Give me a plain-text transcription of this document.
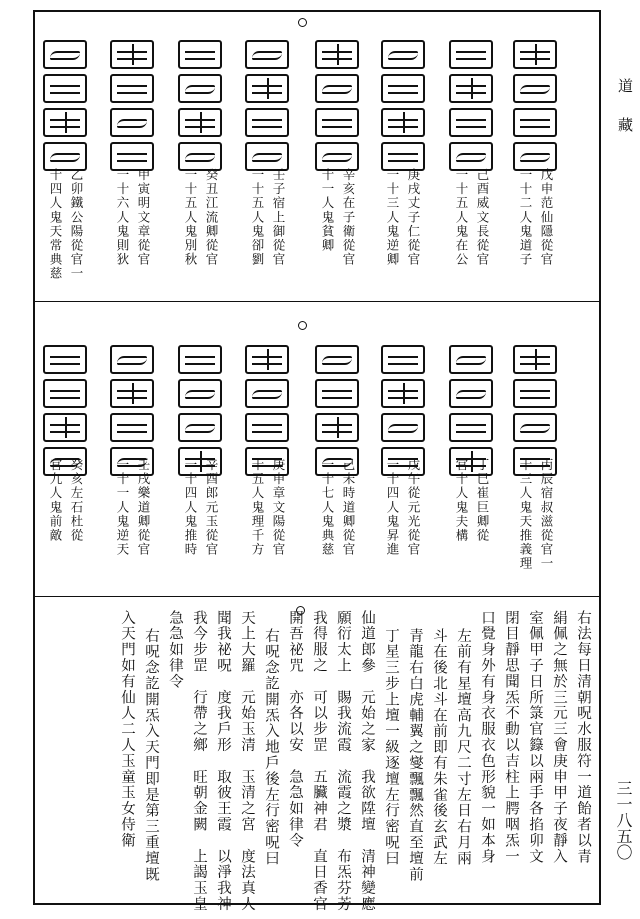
道
藏
三一八五〇
戊申范仙隱從官
一十二人鬼道子
己酉威文長從官
一十五人鬼在公
庚戌丈子仁從官
一十三人鬼逆卿
辛亥在子衛從官
十一人鬼貧卿
壬子宿上御從官
一十五人鬼卻劉
癸丑江流卿從官
一十五人鬼別秋
甲寅明文章從官
一十六人鬼則狄
乙卯鐵公陽從官一
十四人鬼天常典慈
丙辰宿叔滋從官一
十三人鬼天推義理
丁巳崔巨卿從
官十人鬼夫構
戊午從元光從官
一十四人鬼昇進
己未時道卿從官
一十七人鬼典慈
庚申章文陽從官
十五人鬼理千方
辛酉郎元玉從官
一十四人鬼推時
壬戌樂道卿從官
一十一人鬼逆天
癸亥左石杜從
官九人鬼前敵
右法每日清朝呪水服符一道飴者以青
絹佩之無於三元三會庚申甲子夜靜入
室佩甲子日所箓官籙以兩手各掐卯文
閉目靜思聞炁不動以吉柱上腭咽炁一
口覺身外有身衣服衣色形貌一如本身
左前有星壇高九尺二寸左日右月兩
斗在後北斗在前即有朱雀後玄武左
青龍右白虎輔翼之燮飄飄然直至壇前
丁星三步上壇一級逐壇左行密呪曰
仙道郎參　元始之家　我欲陞壇　清神變應
願衍太上　賜我流霞　流霞之漿　布炁芬芳
我得服之　可以步罡　五臟神君　直日香官
開吾祕咒　亦各以安　急急如律令
右呪念訖開炁入地戶後左行密呪曰
天上大羅　元始玉清　玉清之宮　度法真人
聞我祕呪　度我戶形　取彼王霞　以淨我神
我今步罡　行帶之鄉　旺朝金闕　上謁玉皇
急急如律令
右呪念訖開炁入天門即是第三重壇既
入天門如有仙人二人玉童玉女侍衛
